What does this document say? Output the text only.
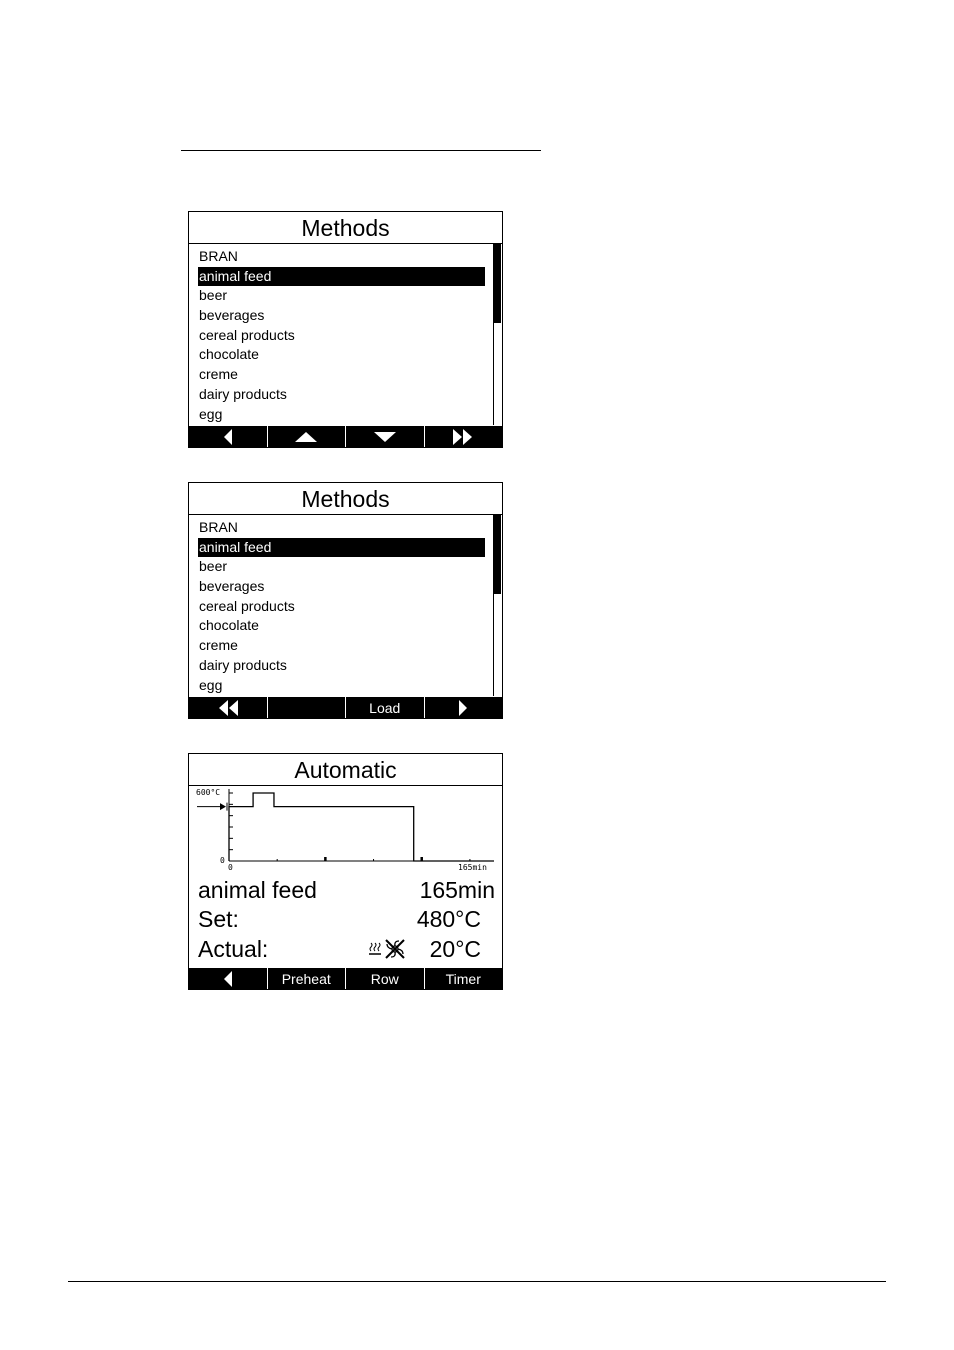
Methods
BRAN
animal feed
beer
beverages
cereal products
chocolate
creme
dairy products
egg
Methods
BRAN
animal feed
beer
beverages
cereal products
chocolate
creme
dairy products
egg
Load
Automatic
600°C
0
0	165min
animal feed	165min
Set:	480°C
Actual:	20°C
Preheat	Row	Timer
